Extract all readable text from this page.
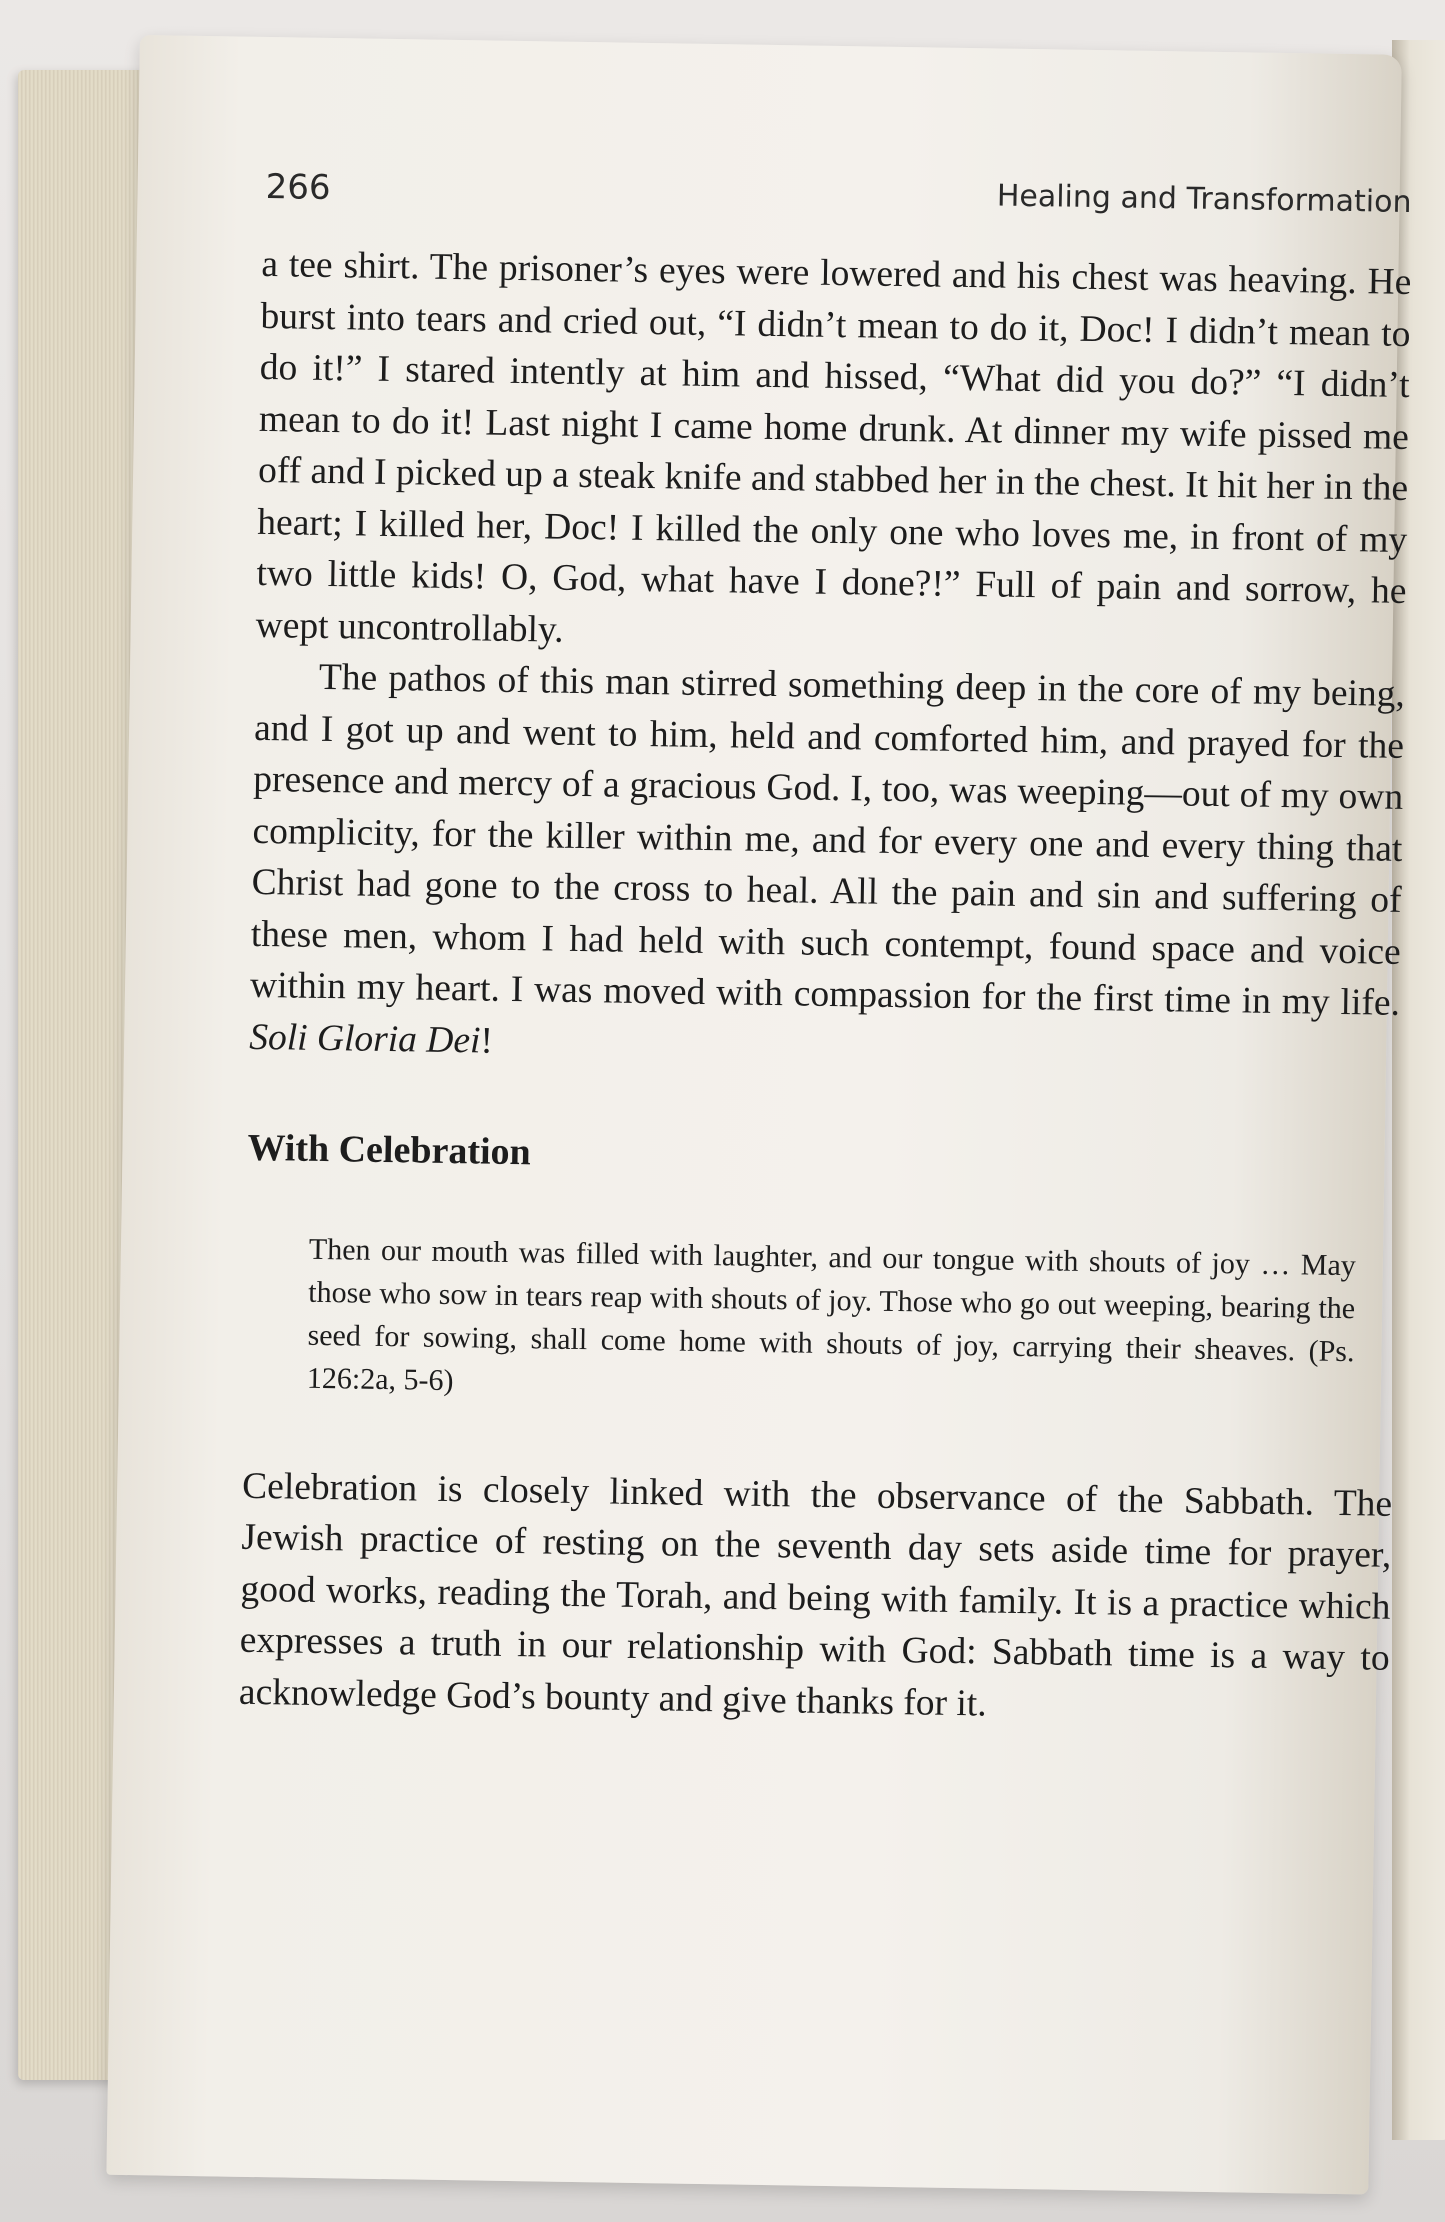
266	Healing and Transformation

a tee shirt. The prisoner’s eyes were lowered and his chest was heaving. He burst into tears and cried out, “I didn’t mean to do it, Doc! I didn’t mean to do it!” I stared intently at him and hissed, “What did you do?” “I didn’t mean to do it! Last night I came home drunk. At dinner my wife pissed me off and I picked up a steak knife and stabbed her in the chest. It hit her in the heart; I killed her, Doc! I killed the only one who loves me, in front of my two little kids! O, God, what have I done?!” Full of pain and sorrow, he wept uncontrollably.

The pathos of this man stirred something deep in the core of my being, and I got up and went to him, held and comforted him, and prayed for the presence and mercy of a gracious God. I, too, was weeping—out of my own complicity, for the killer within me, and for every one and every thing that Christ had gone to the cross to heal. All the pain and sin and suffering of these men, whom I had held with such contempt, found space and voice within my heart. I was moved with compassion for the first time in my life. Soli Gloria Dei!

With Celebration

Then our mouth was filled with laughter, and our tongue with shouts of joy … May those who sow in tears reap with shouts of joy. Those who go out weeping, bearing the seed for sowing, shall come home with shouts of joy, carrying their sheaves. (Ps. 126:2a, 5-6)

Celebration is closely linked with the observance of the Sabbath. The Jewish practice of resting on the seventh day sets aside time for prayer, good works, reading the Torah, and being with family. It is a practice which expresses a truth in our relationship with God: Sabbath time is a way to acknowledge God’s bounty and give thanks for it.
